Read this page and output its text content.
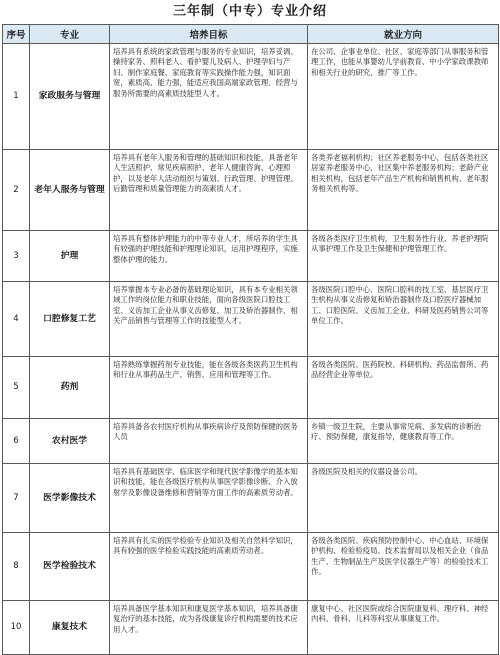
三年制（中专）专业介绍
序号	专业	培养目标	就业方向
1	家政服务与管理	培养具有系统的家政管理与服务的专业知识，培养妥调、操持家务、照料老人、看护婴儿及病人、护理孕妇与产妇、制作家庭餐、家庭教育等实践操作能力强，知识面宽，素质高、能力强，能适应我国高端家政管理、经营与服务所需要的高素质技能型人才。	在公司、企事业单位、社区、家庭等部门从事服务和管理工作，也能从事婴幼儿学前教育、中小学家政课教师和相关行业的研究、推广等工作。
2	老年人服务与管理	培养具有老年人服务和管理的基础知识和技能，具备老年人生活照护、常见疾病照护、老年人健康咨询、心理照护，以及老年人活动组织与策划、行政管理、护理管理、后勤管理和质量管理能力的高素质人才。	各类养老福利机构；社区养老服务中心，包括各类社区居家养老服务中心，社区集中养老服务机构；老龄产业相关机构，包括老年产品生产机构和销售机构、老年服务相关机构等。
3	护理	培养具有整体护理能力的中等专业人才，所培养的学生具有较强的护理技能和护理理论知识，运用护理程序，实施整体护理的能力。	各级各类医疗卫生机构，卫生服务性行业、养老护理院从事护理工作及卫生保健和护理管理工作。
4	口腔修复工艺	培养掌握本专业必备的基础理论知识，具有本专业相关领域工作的岗位能力和职业技能，面向各级医院口腔技工室、义齿加工企业从事义齿修复、加工及矫治器制作、相关产品销售与管理等工作的技能型人才。	各级医院口腔中心、医院口腔科的技工室、基层医疗卫生机构从事义齿修复和矫治器制作及口腔医疗器械加工、口腔医院、义齿加工企业、科研及医药销售公司等单位工作。
5	药剂	培养熟练掌握药剂专业技能，能在各级各类医药卫生机构和行业从事药品生产、销售、应用和管理等工作。	各级各类医院、医药院校、科研机构、药品监督所、药品经营企业等单位。
6	农村医学	培养具备各农村医疗机构从事疾病诊疗及预防保健的医务人员	乡镇一级卫生院，主要从事常见病、多发病的诊断治疗、预防保健，康复指导，健康教育等工作。
7	医学影像技术	培养具有基础医学、临床医学和现代医学影像学的基本知识和技能，能在各级医疗机构从事医学影像诊断、介入放射学及影像设备维修和营销等方面工作的高素质劳动者。	各级医院及相关的仪器设备公司。
8	医学检验技术	培养具有扎实的医学检验专业知识及相关自然科学知识，具有较强的医学检验实践技能的高素质劳动者。	各级各类医院、疾病预防控制中心、中心血站、环境保护机构、检验检疫局、技术监督局以及相关企业（食品生产、生物制品生产及医学仪器生产等）的检验技术工作。
10	康复技术	培养具备医学基本知识和康复医学基本知识，培养具备康复治疗的基本技能，成为各级康复诊疗机构需要的技术应用人才。	康复中心、社区医院或综合医院康复科、理疗科、神经内科、骨科、儿科等科室从事康复工作。
